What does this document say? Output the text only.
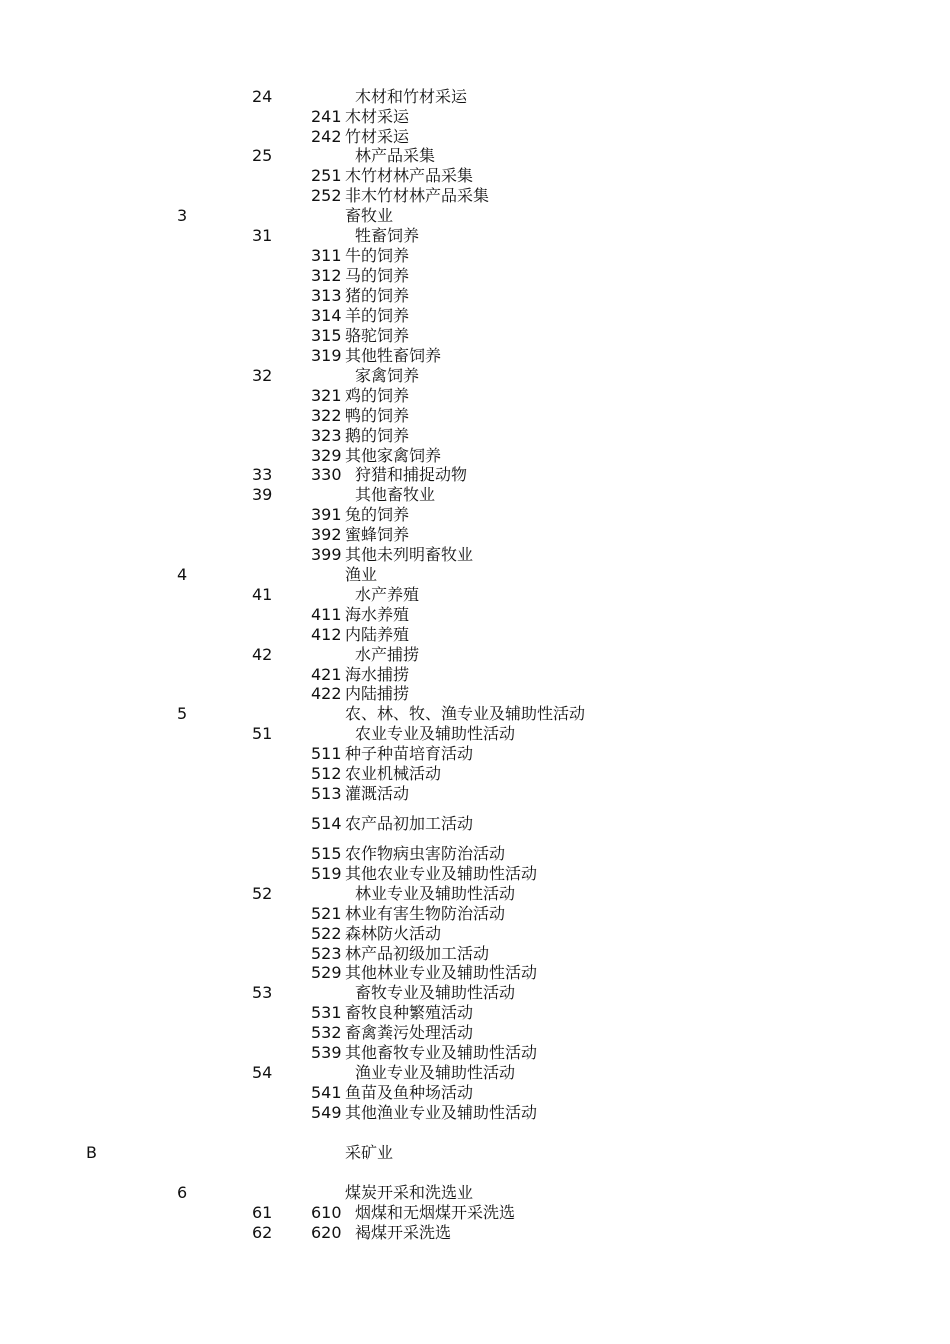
24	木材和竹材采运
241 木材采运
242 竹材采运
25	林产品采集
251 木竹材林产品采集
252 非木竹材林产品采集
3	畜牧业
31	牲畜饲养
311 牛的饲养
312 马的饲养
313 猪的饲养
314 羊的饲养
315 骆驼饲养
319 其他牲畜饲养
32	家禽饲养
321 鸡的饲养
322 鸭的饲养
323 鹅的饲养
329 其他家禽饲养
33 330 狩猎和捕捉动物
39	其他畜牧业
391 兔的饲养
392 蜜蜂饲养
399 其他未列明畜牧业
4	渔业
41	水产养殖
411 海水养殖
412 内陆养殖
42	水产捕捞
421 海水捕捞
422 内陆捕捞
5	农、林、牧、渔专业及辅助性活动
51	农业专业及辅助性活动
511 种子种苗培育活动
512 农业机械活动
513 灌溉活动
514 农产品初加工活动
515 农作物病虫害防治活动
519 其他农业专业及辅助性活动
52	林业专业及辅助性活动
521 林业有害生物防治活动
522 森林防火活动
523 林产品初级加工活动
529 其他林业专业及辅助性活动
53	畜牧专业及辅助性活动
531 畜牧良种繁殖活动
532 畜禽粪污处理活动
539 其他畜牧专业及辅助性活动
54	渔业专业及辅助性活动
541 鱼苗及鱼种场活动
549 其他渔业专业及辅助性活动
B	采矿业
6	煤炭开采和洗选业
61 610 烟煤和无烟煤开采洗选
62 620 褐煤开采洗选
